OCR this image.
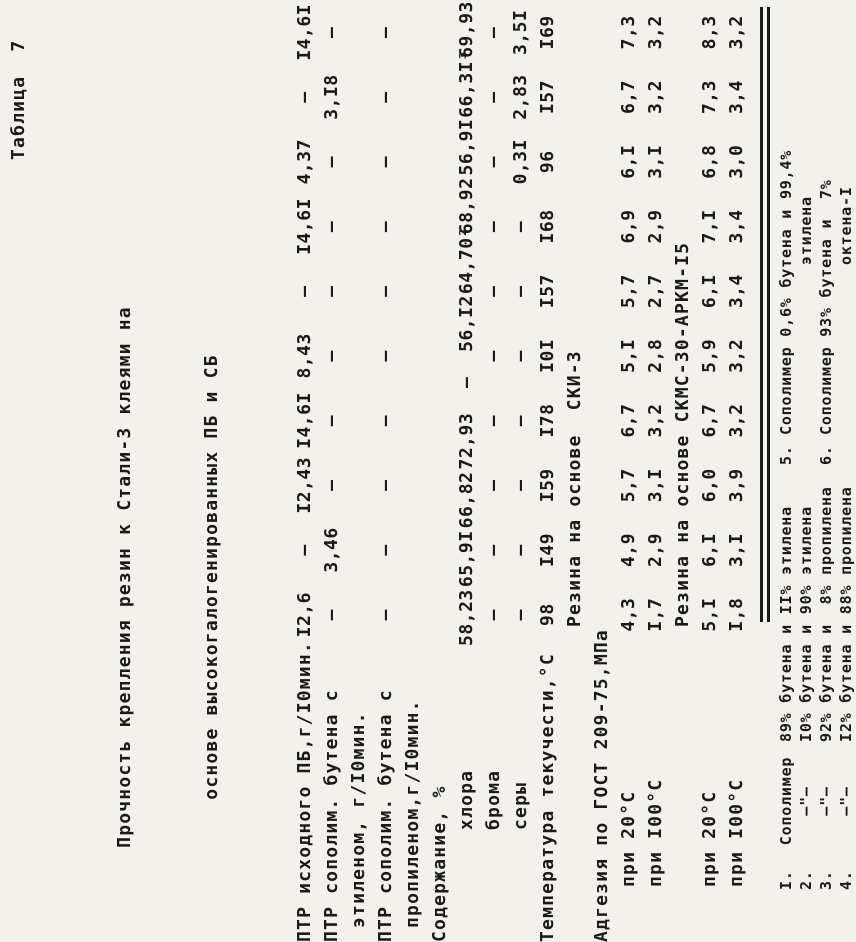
Таблица  7

Прочность крепления резин к Стали-3 клеями на

	основе высокогалогенированных ПБ и СБ

	ПТР исходного ПБ,г/I0мин.
I2,6
–
I2,43
I4,6I
8,43
–
I4,6I
4,37
–
I4,6I
ПТР сополим. бутена с
–
3,46
–
–
–
–
–
–
3,I8
–
этиленом, г/I0мин. ПТР сополим. бутена с
–
–
–
–
–
–
–
–
–
–
пропиленом,г/I0мин. Содержание, % хлора
58,23
65,9I
66,82
72,93
–
56,I2
64,70²
68,92
56,9I
66,3I³
69,93
брома
–
–
–
–
–
–
–
–
–
–
серы
–
–
–
–
–
–
–
0,3I
2,83
3,5I
Температура текучести,°С
98
I49
I59
I78
I0I
I57
I68
96
I57
I69
Резина на основе  СКИ-3
Адгезия по ГОСТ 209-75,МПа при 20°С
4,3
4,9
5,7
6,7
5,I
5,7
6,9
6,I
6,7
7,3
при I00°С
I,7
2,9
3,I
3,2
2,8
2,7
2,9
3,I
3,2
3,2
Резина на основе СКМС-30-АРКМ-I5
при 20°С
5,I
6,I
6,0
6,7
5,9
6,I
7,I
6,8
7,3
8,3
при I00°С
I,8
3,I
3,9
3,2
3,2
3,4
3,4
3,0
3,4
3,2
I.
Сополимер
89% бутена и II% этилена
2.
—"—
I0% бутена и 90% этилена
3.
—"—
92% бутена и  8% пропилена
4.
—"—
I2% бутена и 88% пропилена
5.
Сополимер 0,6% бутена и 99,4% этилена
6.
Сополимер 93% бутена и  7% октена-I
